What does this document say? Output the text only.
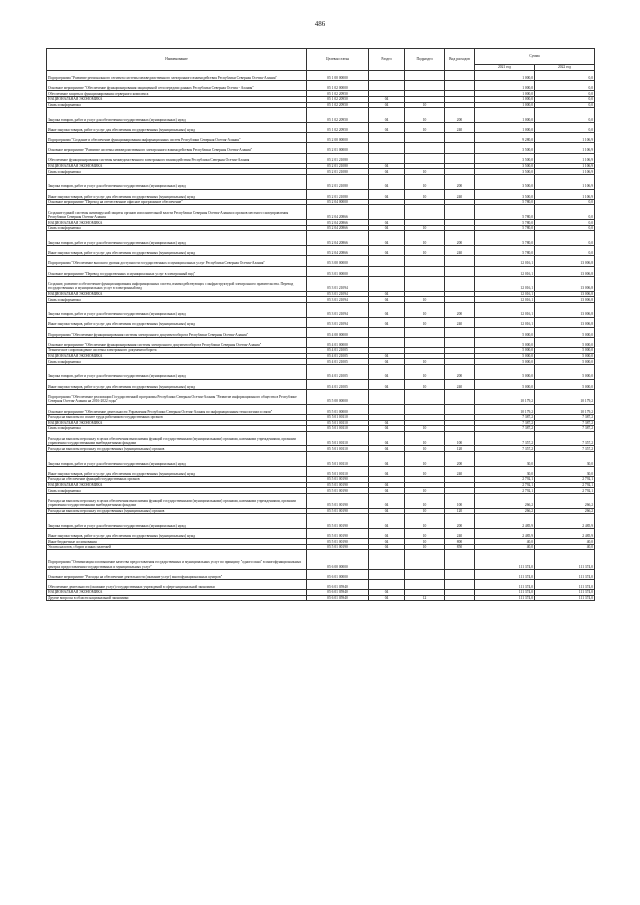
486
Наименование	Целевая статья	Раздел	Подраздел	Вид расходов	Сумма	
					2021 год	2022 год
Подпрограмма "Развитие регионального сегмента системы межведомственного электронного взаимодействия Республики Северная Осетия-Алания"	05 1 00 00000				1 000,0	0,0
Основное мероприятие "Обеспечение функционирования защищенной сети передачи данных Республики Северная Осетия - Алания"	05 1 02 00000				1 000,0	0,0
Обеспечение защиты и функционирования серверного комплекса	05 1 02 20950				1 000,0	0,0
НАЦИОНАЛЬНАЯ ЭКОНОМИКА	05 1 02 20950	04			1 000,0	0,0
Связь и информатика	05 1 02 20950	04	10		1 000,0	0,0
Закупка товаров, работ и услуг для обеспечения государственных (муниципальных) нужд	05 1 02 20950	04	10	200	1 000,0	0,0
Иные закупки товаров, работ и услуг для обеспечения государственных (муниципальных) нужд	05 1 02 20950	04	10	240	1 000,0	0,0
Подпрограмма "Создание и обеспечение функционирования информационных систем Республики Северная Осетия-Алания"	05 2 00 00000				9 280,0	1 106,9
Основное мероприятие "Развитие системы межведомственного электронного взаимодействия Республики Северная Осетия-Алания"	05 2 01 00000				3 500,0	1 106,9
Обеспечение функционирования системы межведомственного электронного взаимодействия Республики Северная Осетия-Алания	05 2 01 21080				3 500,0	1 106,9
НАЦИОНАЛЬНАЯ ЭКОНОМИКА	05 2 01 21080	04			3 500,0	1 106,9
Связь и информатика	05 2 01 21080	04	10		3 500,0	1 106,9
Закупка товаров, работ и услуг для обеспечения государственных (муниципальных) нужд	05 2 01 21080	04	10	200	3 500,0	1 106,9
Иные закупки товаров, работ и услуг для обеспечения государственных (муниципальных) нужд	05 2 01 21080	04	10	240	3 500,0	1 106,9
Основное мероприятие "Переход на отечественное офисное программное обеспечение"	05 2 04 00000				5 780,0	0,0
Создание единой системы антивирусной защиты органов исполнительной власти Республики Северная Осетия-Алания и органов местного самоуправления Республики Северная Осетия-Алания	05 2 04 20866				5 780,0	0,0
НАЦИОНАЛЬНАЯ ЭКОНОМИКА	05 2 04 20866	04			5 780,0	0,0
Связь и информатика	05 2 04 20866	04	10		5 780,0	0,0
Закупка товаров, работ и услуг для обеспечения государственных (муниципальных) нужд	05 2 04 20866	04	10	200	5 780,0	0,0
Иные закупки товаров, работ и услуг для обеспечения государственных (муниципальных) нужд	05 2 04 20866	04	10	240	5 780,0	0,0
Подпрограмма "Обеспечение высокого уровня доступности государственных и муниципальных услуг Республики Северная Осетия-Алания"	05 3 00 00000				12 016,1	13 006,8
Основное мероприятие "Перевод государственных и муниципальных услуг в электронный вид"	05 3 01 00000				12 016,1	13 006,8
Создание, развитие и обеспечение функционирования информационных систем, взаимодействующих с инфраструктурой электронного правительства. Перевод государственных и муниципальных услуг в электронный вид	05 3 01 21094				12 016,1	13 006,8
НАЦИОНАЛЬНАЯ ЭКОНОМИКА	05 3 01 21094	04			12 016,1	13 006,8
Связь и информатика	05 3 01 21094	04	10		12 016,1	13 006,8
Закупка товаров, работ и услуг для обеспечения государственных (муниципальных) нужд	05 3 01 21094	04	10	200	12 016,1	13 006,8
Иные закупки товаров, работ и услуг для обеспечения государственных (муниципальных) нужд	05 3 01 21094	04	10	240	12 016,1	13 006,8
Подпрограмма "Обеспечение функционирования системы электронного документооборота Республики Северная Осетия-Алания"	05 4 00 00000				5 000,0	5 000,0
Основное мероприятие "Обеспечение функционирования системы электронного документооборота Республики Северная Осетия-Алания"	05 4 01 00000				5 000,0	5 000,0
Техническое сопровождение системы электронного документооборота	05 4 01 21005				5 000,0	5 000,0
НАЦИОНАЛЬНАЯ ЭКОНОМИКА	05 4 01 21005	04			5 000,0	5 000,0
Связь и информатика	05 4 01 21005	04	10		5 000,0	5 000,0
Закупка товаров, работ и услуг для обеспечения государственных (муниципальных) нужд	05 4 01 21005	04	10	200	5 000,0	5 000,0
Иные закупки товаров, работ и услуг для обеспечения государственных (муниципальных) нужд	05 4 01 21005	04	10	240	5 000,0	5 000,0
Подпрограмма "Обеспечение реализации Государственной программы Республики Северная Осетия-Алания "Развитие информационного общества в Республике Северная Осетия-Алания на 2016-2022 годы"	05 5 00 00000				10 179,2	10 179,2
Основное мероприятие "Обеспечение деятельности Управления Республики Северная Осетия-Алания по информационным технологиям и связи"	05 5 01 00000				10 179,2	10 179,2
Расходы на выплаты по оплате труда работников государственных органов	05 5 01 00110				7 387,2	7 387,2
НАЦИОНАЛЬНАЯ ЭКОНОМИКА	05 5 01 00110	04			7 387,2	7 387,2
Связь и информатика	05 5 01 00110	04	10		7 387,2	7 387,2
Расходы на выплаты персоналу в целях обеспечения выполнения функций государственными (муниципальными) органами, казенными учреждениями, органами управления государственными внебюджетными фондами	05 5 01 00110	04	10	100	7 357,2	7 357,2
Расходы на выплаты персоналу государственных (муниципальных) органов	05 5 01 00110	04	10	120	7 357,2	7 357,2
Закупка товаров, работ и услуг для обеспечения государственных (муниципальных) нужд	05 5 01 00110	04	10	200	30,0	30,0
Иные закупки товаров, работ и услуг для обеспечения государственных (муниципальных) нужд	05 5 01 00110	04	10	240	30,0	30,0
Расходы на обеспечение функций государственных органов	05 5 01 00190				2 792,1	2 792,1
НАЦИОНАЛЬНАЯ ЭКОНОМИКА	05 5 01 00190	04			2 792,1	2 792,1
Связь и информатика	05 5 01 00190	04	10		2 792,1	2 792,1
Расходы на выплаты персоналу в целях обеспечения выполнения функций государственными (муниципальными) органами, казенными учреждениями, органами управления государственными внебюджетными фондами	05 5 01 00190	04	10	100	266,2	266,2
Расходы на выплаты персоналу государственных (муниципальных) органов	05 5 01 00190	04	10	120	266,2	266,2
Закупка товаров, работ и услуг для обеспечения государственных (муниципальных) нужд	05 5 01 00190	04	10	200	2 485,9	2 485,9
Иные закупки товаров, работ и услуг для обеспечения государственных (муниципальных) нужд	05 5 01 00190	04	10	240	2 485,9	2 485,9
Иные бюджетные ассигнования	05 5 01 00190	04	10	800	40,0	40,0
Уплата налогов, сборов и иных платежей	05 5 01 00190	04	10	850	40,0	40,0
Подпрограмма "Оптимизация и повышение качества предоставления государственных и муниципальных услуг по принципу "одного окна" в многофункциональных центрах предоставления государственных и муниципальных услуг"	05 6 00 00000				111 374,0	111 374,0
Основное мероприятие "Расходы на обеспечение деятельности (оказание услуг) многофункциональных центров"	05 6 01 00000				111 374,0	111 374,0
Обеспечение деятельности (оказание услуг) государственных учреждений в сфере национальной экономики	05 6 01 05940				111 374,0	111 374,0
НАЦИОНАЛЬНАЯ ЭКОНОМИКА	05 6 01 05940	04			111 374,0	111 374,0
Другие вопросы в области национальной экономики	05 6 01 05940	04	12		111 374,0	111 374,0
